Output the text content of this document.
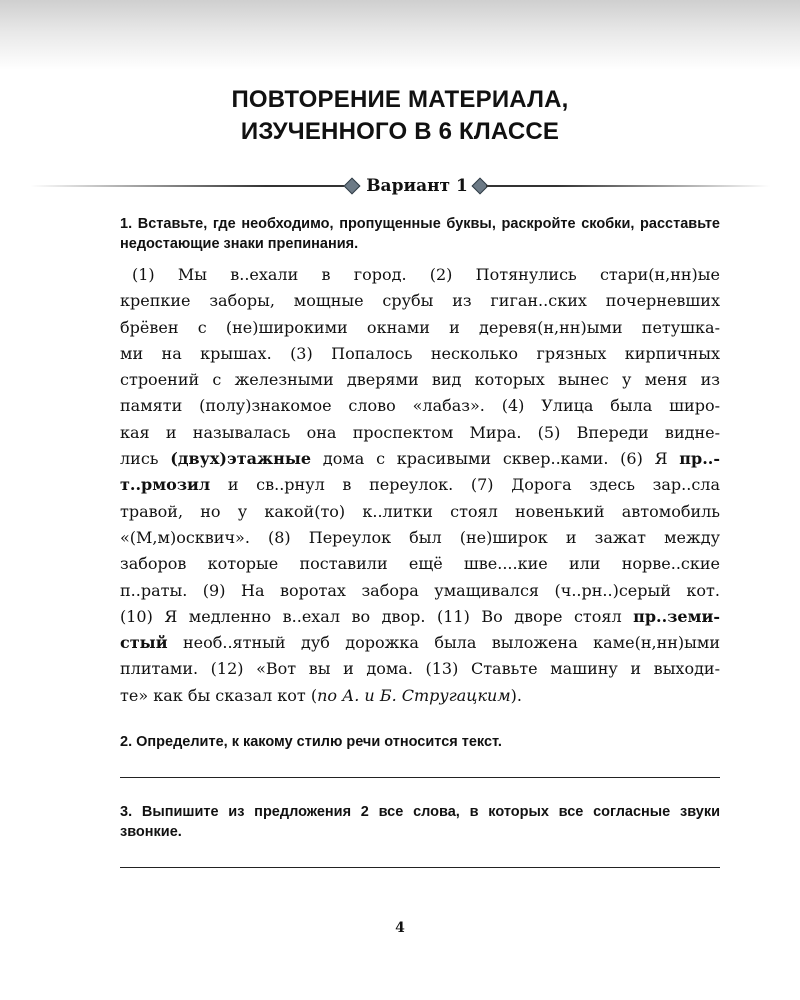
ПОВТОРЕНИЕ МАТЕРИАЛА,
ИЗУЧЕННОГО В 6 КЛАССЕ
Вариант 1
1. Вставьте, где необходимо, пропущенные буквы, раскройте скобки, расставьте недостающие знаки препинания.
(1) Мы в..ехали в город. (2) Потянулись стари(н,нн)ые
крепкие заборы, мощные срубы из гиган..ских почерневших
брёвен с (не)широкими окнами и деревя(н,нн)ыми петушка-
ми на крышах. (3) Попалось несколько грязных кирпичных
строений с железными дверями вид которых вынес у меня из
памяти (полу)знакомое слово «лабаз». (4) Улица была широ-
кая и называлась она проспектом Мира. (5) Впереди видне-
лись (двух)этажные дома с красивыми сквер..ками. (6) Я пр..-
т..рмозил и св..рнул в переулок. (7) Дорога здесь зар..сла
травой, но у какой(то) к..литки стоял новенький автомобиль
«(М,м)осквич». (8) Переулок был (не)широк и зажат между
заборов которые поставили ещё шве....кие или норве..ские
п..раты. (9) На воротах забора умащивался (ч..рн..)серый кот.
(10) Я медленно в..ехал во двор. (11) Во дворе стоял пр..земи-
стый необ..ятный дуб дорожка была выложена каме(н,нн)ыми
плитами. (12) «Вот вы и дома. (13) Ставьте машину и выходи-
те» как бы сказал кот (по А. и Б. Стругацким).
2. Определите, к какому стилю речи относится текст.
3. Выпишите из предложения 2 все слова, в которых все согласные звуки звонкие.
4
